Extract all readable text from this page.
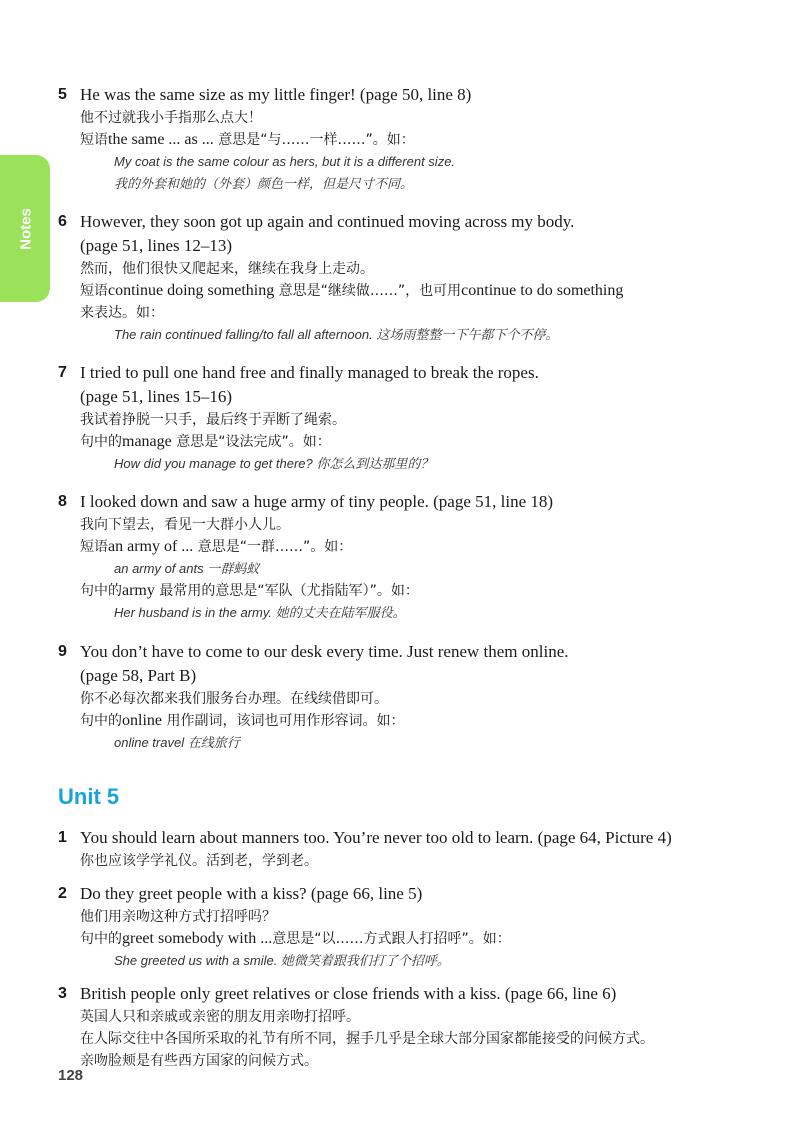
Notes
5 He was the same size as my little finger! (page 50, line 8)
他不过就我小手指那么点大！
短语the same ... as ... 意思是“与……一样……”。如：
My coat is the same colour as hers, but it is a different size.
我的外套和她的（外套）颜色一样，但是尺寸不同。
6 However, they soon got up again and continued moving across my body.
(page 51, lines 12–13)
然而，他们很快又爬起来，继续在我身上走动。
短语continue doing something 意思是“继续做……”，也可用continue to do something
来表达。如：
The rain continued falling/to fall all afternoon. 这场雨整整一下午都下个不停。
7 I tried to pull one hand free and finally managed to break the ropes.
(page 51, lines 15–16)
我试着挣脱一只手，最后终于弄断了绳索。
句中的manage 意思是“设法完成”。如：
How did you manage to get there? 你怎么到达那里的？
8 I looked down and saw a huge army of tiny people. (page 51, line 18)
我向下望去，看见一大群小人儿。
短语an army of ... 意思是“一群……”。如：
an army of ants 一群蚂蚁
句中的army 最常用的意思是“军队（尤指陆军）”。如：
Her husband is in the army. 她的丈夫在陆军服役。
9 You don’t have to come to our desk every time. Just renew them online.
(page 58, Part B)
你不必每次都来我们服务台办理。在线续借即可。
句中的online 用作副词，该词也可用作形容词。如：
online travel 在线旅行
Unit 5
1 You should learn about manners too. You’re never too old to learn. (page 64, Picture 4)
你也应该学学礼仪。活到老，学到老。
2 Do they greet people with a kiss? (page 66, line 5)
他们用亲吻这种方式打招呼吗？
句中的greet somebody with ...意思是“以……方式跟人打招呼”。如：
She greeted us with a smile. 她微笑着跟我们打了个招呼。
3 British people only greet relatives or close friends with a kiss. (page 66, line 6)
英国人只和亲戚或亲密的朋友用亲吻打招呼。
在人际交往中各国所采取的礼节有所不同，握手几乎是全球大部分国家都能接受的问候方式。
亲吻脸颊是有些西方国家的问候方式。
128
